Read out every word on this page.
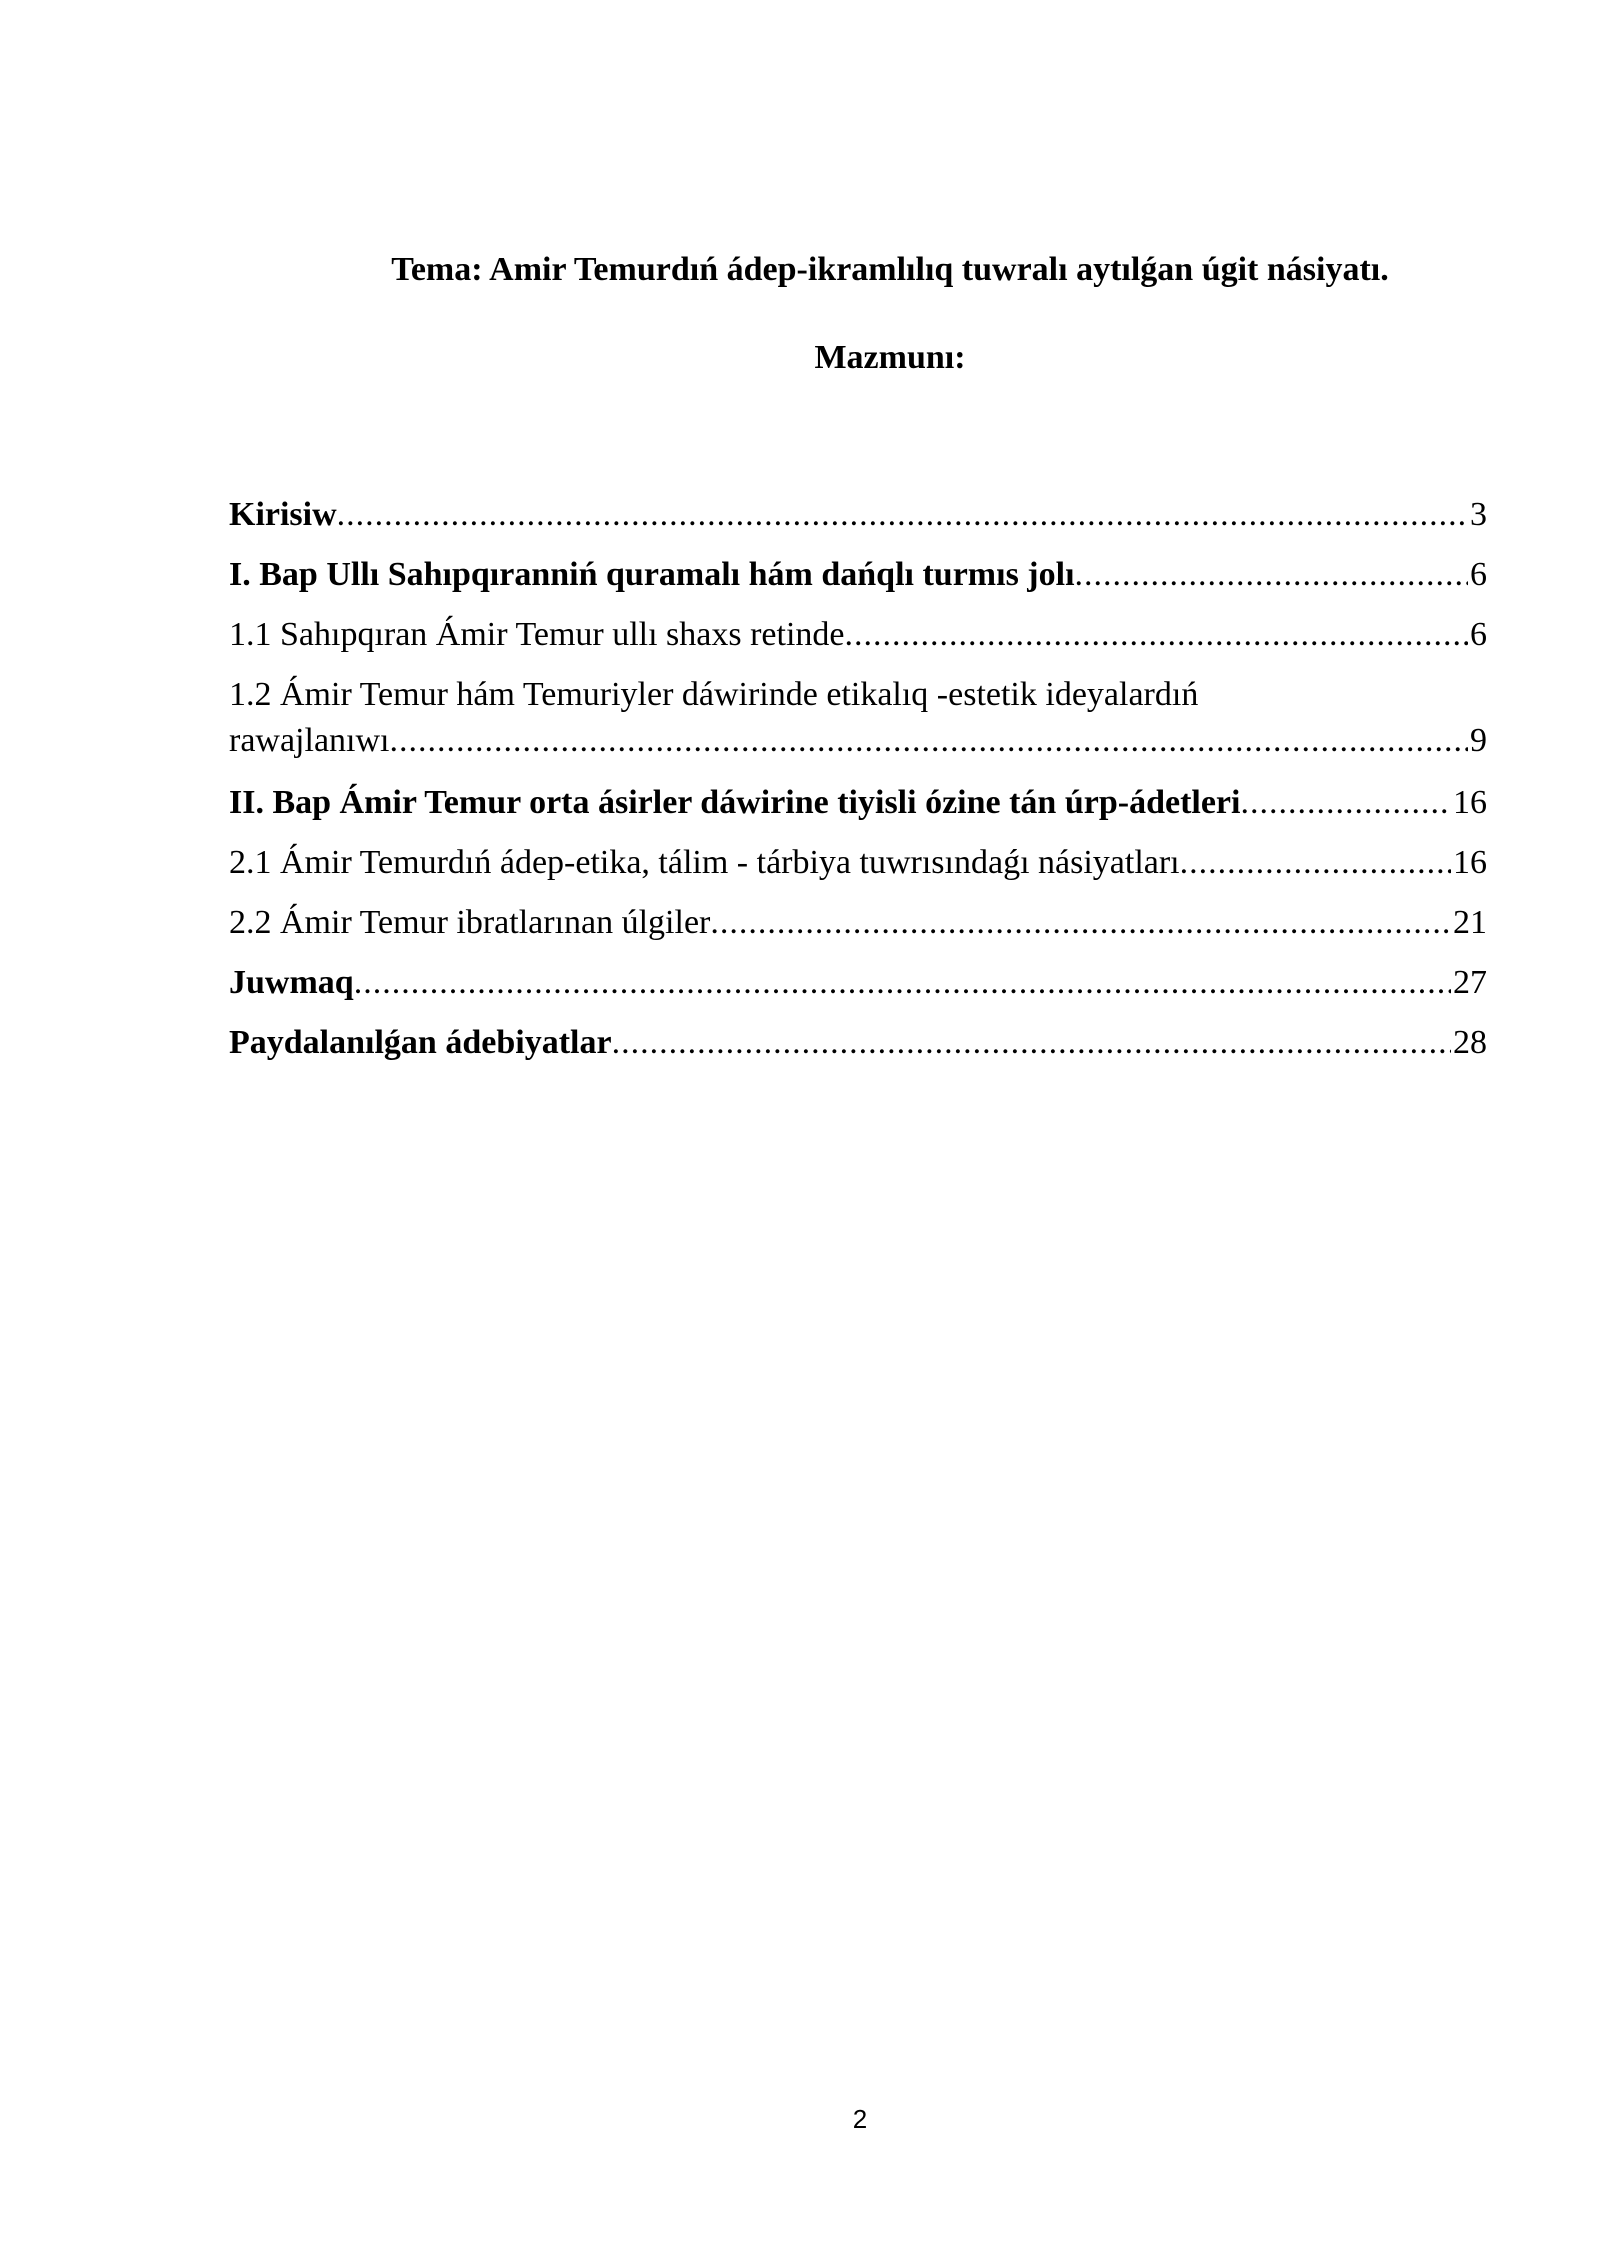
Tema: Amir Temurdıń ádep-ikramlılıq tuwralı aytılǵan úgit násiyatı.
Mazmunı:
Kirisiw .....	3
I. Bap Ullı Sahıpqıranniń quramalı hám dańqlı turmıs jolı .....	6
1.1 Sahıpqıran Ámir Temur ullı shaxs retinde .....	6
1.2 Ámir Temur hám Temuriyler dáwirinde etikalıq -estetik ideyalardıń
rawajlanıwı .....	9
II. Bap Ámir Temur orta ásirler dáwirine tiyisli ózine tán úrp-ádetleri .....	16
2.1 Ámir Temurdıń ádep-etika, tálim - tárbiya tuwrısındaǵı násiyatları .....	16
2.2 Ámir Temur ibratlarınan úlgiler .....	21
Juwmaq .....	27
Paydalanılǵan ádebiyatlar .....	28
2
